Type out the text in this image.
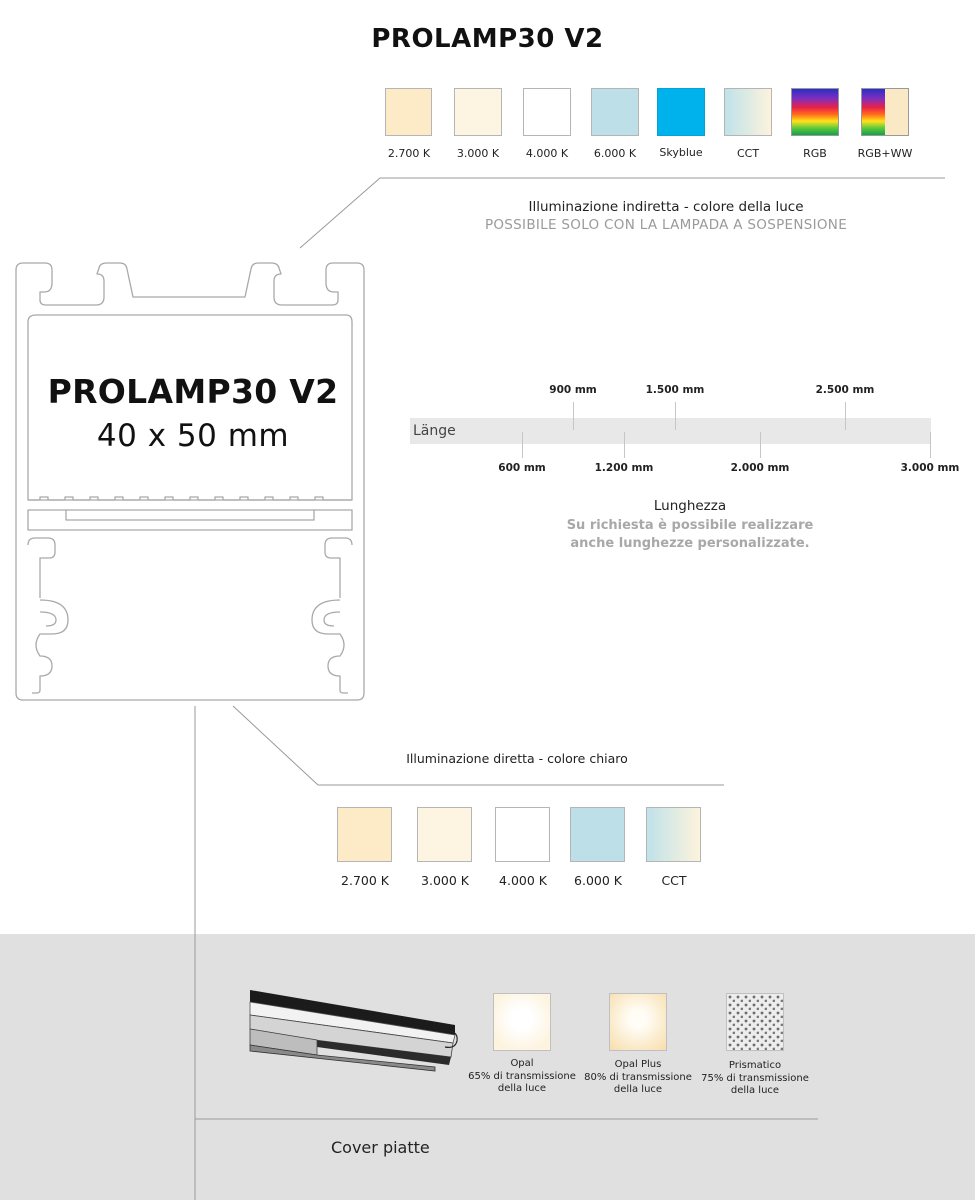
PROLAMP30 V2
2.700 K	3.000 K	4.000 K	6.000 K	Skyblue	CCT	RGB	RGB+WW
Illuminazione indiretta - colore della luce
POSSIBILE SOLO CON LA LAMPADA A SOSPENSIONE
PROLAMP30 V2
40 x 50 mm	Länge
900 mm	1.500 mm	2.500 mm
600 mm	1.200 mm	2.000 mm	3.000 mm
Lunghezza
Su richiesta è possibile realizzare
anche lunghezze personalizzate.
Illuminazione diretta - colore chiaro
2.700 K	3.000 K	4.000 K	6.000 K	CCT
Opal
65% di transmissione
della luce
Opal Plus
80% di transmissione
della luce
Prismatico
75% di transmissione
della luce
Cover piatte
